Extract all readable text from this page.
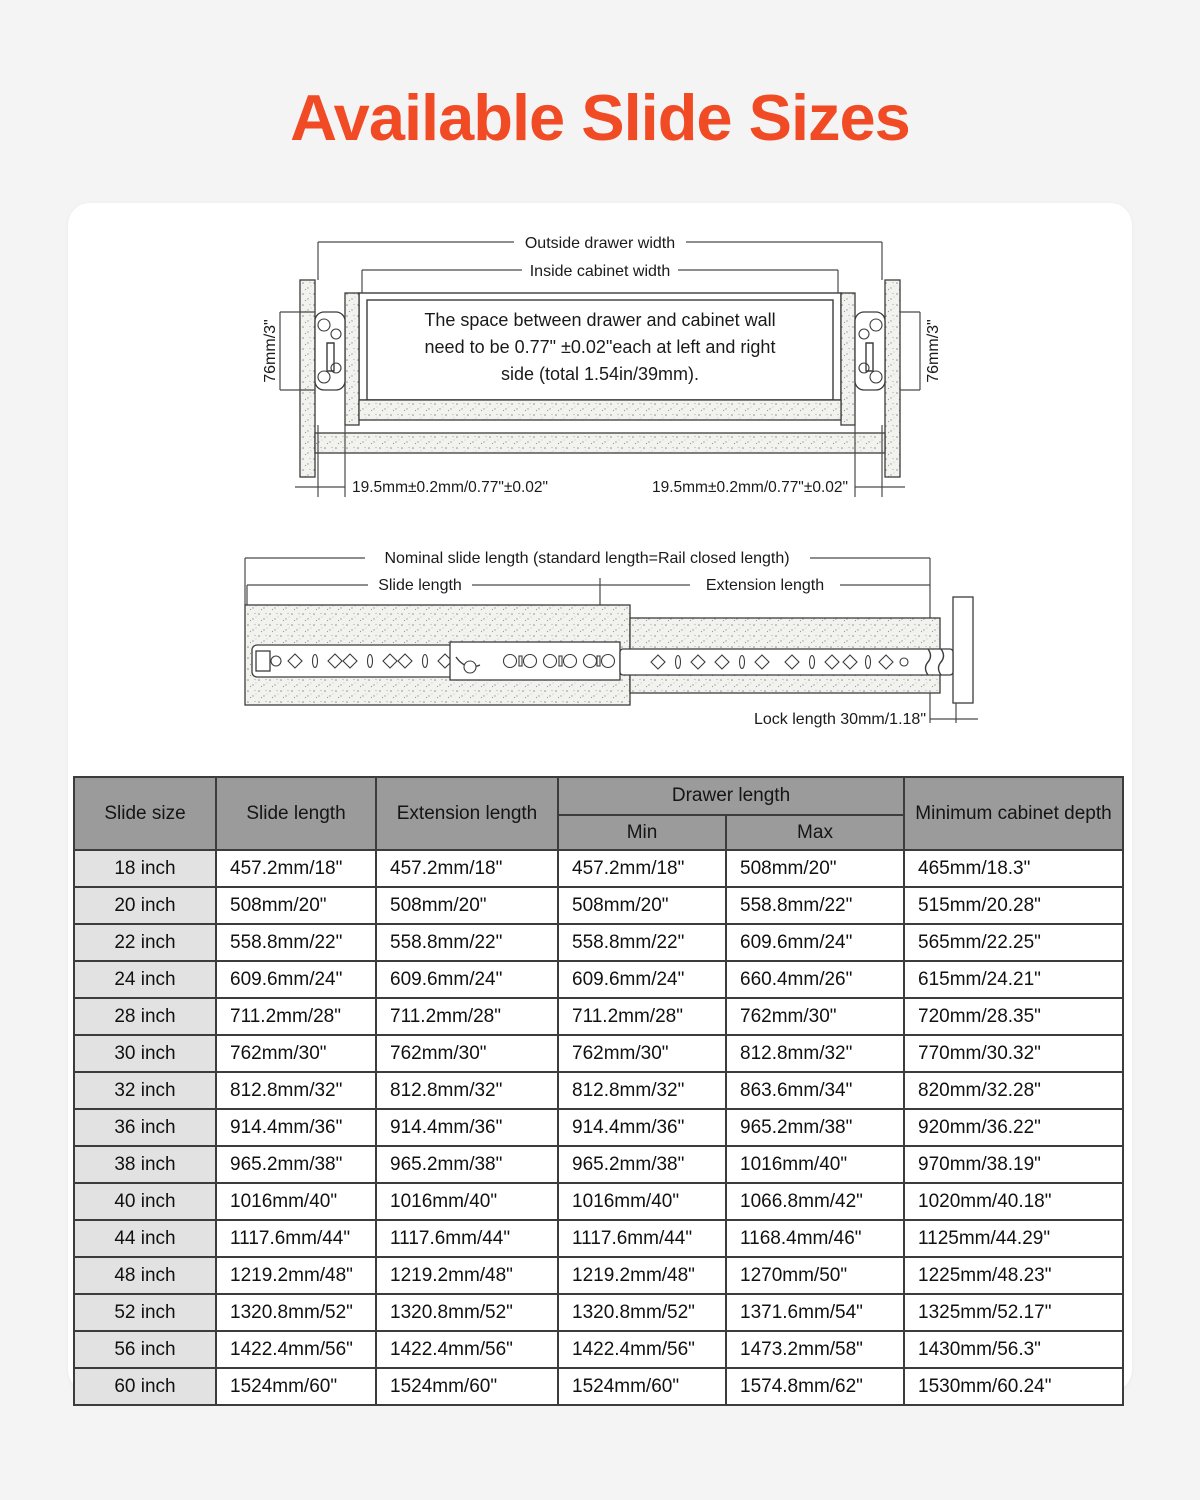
Available Slide Sizes
Outside drawer width
Inside cabinet width
76mm/3"	76mm/3"
The space between drawer and cabinet wall
need to be 0.77" ±0.02"each at left and right
side (total 1.54in/39mm).
19.5mm±0.2mm/0.77"±0.02"	19.5mm±0.2mm/0.77"±0.02"
Nominal slide length (standard length=Rail closed length)
Slide length	Extension length
Lock length 30mm/1.18"
Slide size	Slide length	Extension length	Drawer length		Minimum cabinet depth
			Min	Max	
18 inch	457.2mm/18"	457.2mm/18"	457.2mm/18"	508mm/20"	465mm/18.3"
20 inch	508mm/20"	508mm/20"	508mm/20"	558.8mm/22"	515mm/20.28"
22 inch	558.8mm/22"	558.8mm/22"	558.8mm/22"	609.6mm/24"	565mm/22.25"
24 inch	609.6mm/24"	609.6mm/24"	609.6mm/24"	660.4mm/26"	615mm/24.21"
28 inch	711.2mm/28"	711.2mm/28"	711.2mm/28"	762mm/30"	720mm/28.35"
30 inch	762mm/30"	762mm/30"	762mm/30"	812.8mm/32"	770mm/30.32"
32 inch	812.8mm/32"	812.8mm/32"	812.8mm/32"	863.6mm/34"	820mm/32.28"
36 inch	914.4mm/36"	914.4mm/36"	914.4mm/36"	965.2mm/38"	920mm/36.22"
38 inch	965.2mm/38"	965.2mm/38"	965.2mm/38"	1016mm/40"	970mm/38.19"
40 inch	1016mm/40"	1016mm/40"	1016mm/40"	1066.8mm/42"	1020mm/40.18"
44 inch	1117.6mm/44"	1117.6mm/44"	1117.6mm/44"	1168.4mm/46"	1125mm/44.29"
48 inch	1219.2mm/48"	1219.2mm/48"	1219.2mm/48"	1270mm/50"	1225mm/48.23"
52 inch	1320.8mm/52"	1320.8mm/52"	1320.8mm/52"	1371.6mm/54"	1325mm/52.17"
56 inch	1422.4mm/56"	1422.4mm/56"	1422.4mm/56"	1473.2mm/58"	1430mm/56.3"
60 inch	1524mm/60"	1524mm/60"	1524mm/60"	1574.8mm/62"	1530mm/60.24"
